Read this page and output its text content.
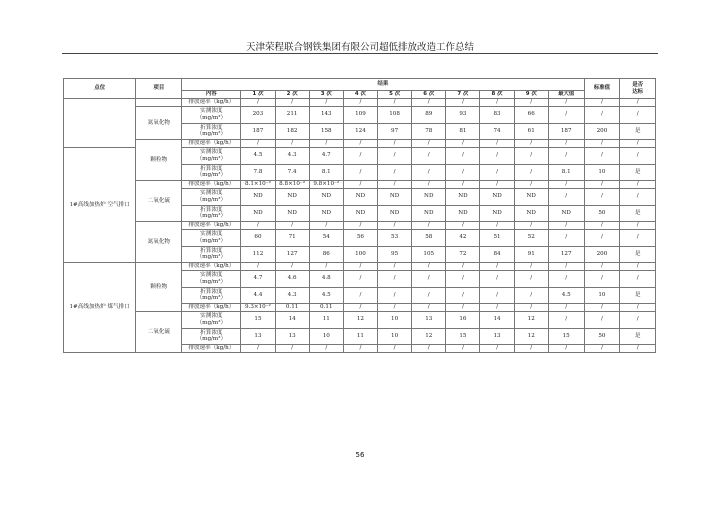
天津荣程联合钢铁集团有限公司超低排放改造工作总结
点位	项目	结果											标准值	是否
达标
		内容	1 次	2 次	3 次	4 次	5 次	6 次	7 次	8 次	9 次	最大值		
		排放速率（kg/h）	/	/	/	/	/	/	/	/	/	/	/	/
	氮氧化物	实测浓度
（mg/m³）	203	211	143	109	108	89	93	83	66	/	/	/
		折算浓度
（mg/m³）	187	182	158	124	97	78	81	74	61	187	200	是
	颗粒物	排放速率（kg/h）	/	/	/	/	/	/	/	/	/	/	/	/
1#高线加热炉 空气排口		实测浓度
（mg/m³）	4.5	4.3	4.7	/	/	/	/	/	/	/	/	/
		折算浓度
（mg/m³）	7.8	7.4	8.1	/	/	/	/	/	/	8.1	10	是
	二氧化硫	排放速率（kg/h）	8.1×10⁻²	8.8×10⁻²	9.8×10⁻²	/	/	/	/	/	/	/	/	/
		实测浓度
（mg/m³）	ND	ND	ND	ND	ND	ND	ND	ND	ND	/	/	/
		折算浓度
（mg/m³）	ND	ND	ND	ND	ND	ND	ND	ND	ND	ND	50	是
	氮氧化物	排放速率（kg/h）	/	/	/	/	/	/	/	/	/	/	/	/
		实测浓度
（mg/m³）	60	71	54	56	53	58	42	51	52	/	/	/
		折算浓度
（mg/m³）	112	127	86	100	95	105	72	84	91	127	200	是
1#高线加热炉 煤气排口	颗粒物	排放速率（kg/h）	/	/	/	/	/	/	/	/	/	/	/	/
		实测浓度
（mg/m³）	4.7	4.6	4.8	/	/	/	/	/	/	/	/	/
		折算浓度
（mg/m³）	4.4	4.3	4.5	/	/	/	/	/	/	4.5	10	是
		排放速率（kg/h）	9.3×10⁻²	0.11	0.11	/	/	/	/	/	/	/	/	/
	二氧化硫	实测浓度
（mg/m³）	15	14	11	12	10	13	16	14	12	/	/	/
		折算浓度
（mg/m³）	13	13	10	11	10	12	15	13	12	15	50	是
		排放速率（kg/h）	/	/	/	/	/	/	/	/	/	/	/	/
56
